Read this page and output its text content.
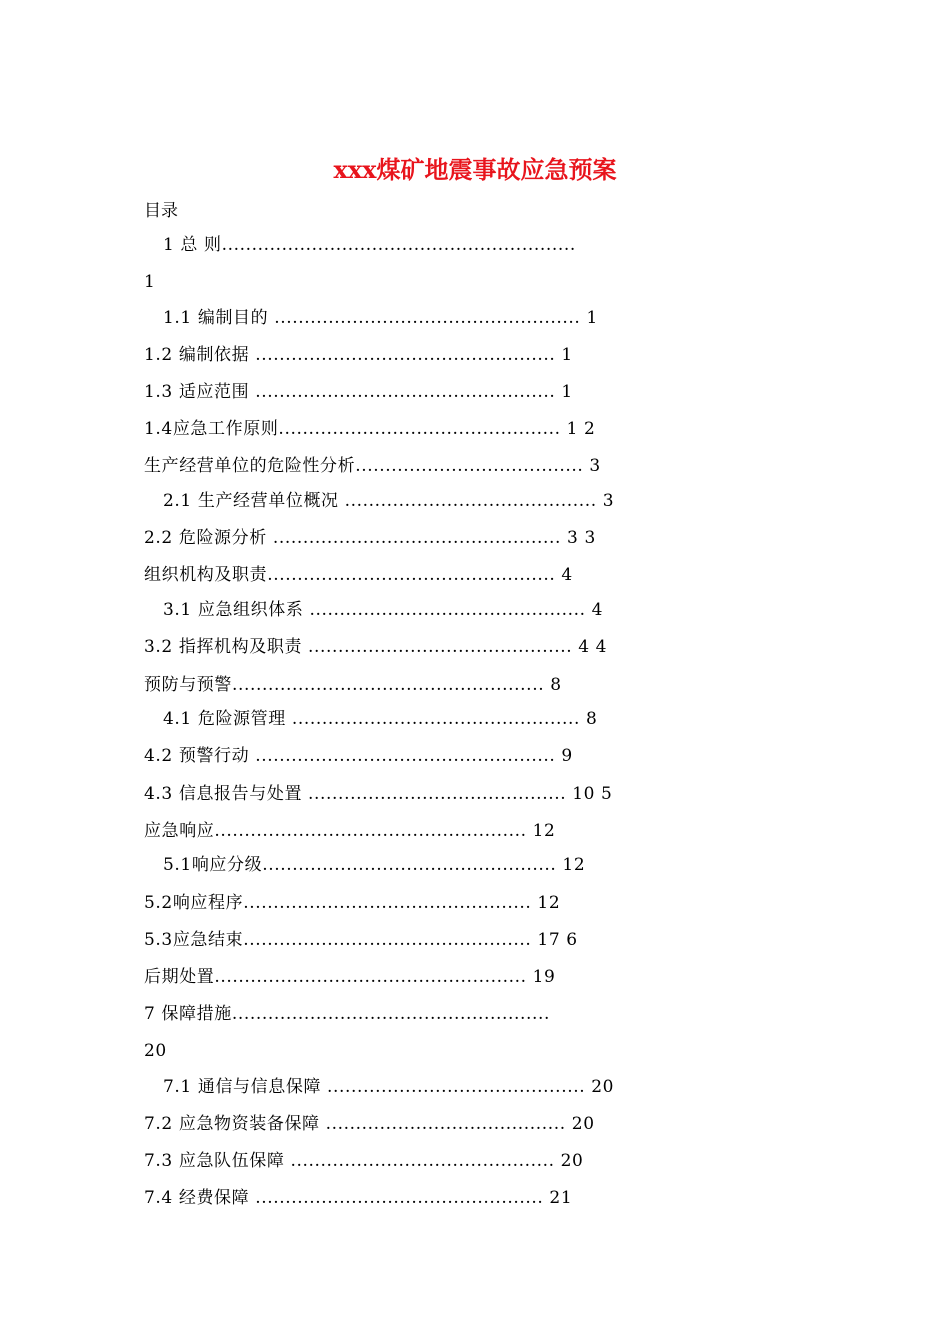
xxx煤矿地震事故应急预案
目录
1 总 则...........................................................
1
1.1 编制目的 ................................................... 1
1.2 编制依据 .................................................. 1
1.3 适应范围 .................................................. 1
1.4应急工作原则............................................... 1 2
生产经营单位的危险性分析...................................... 3
2.1 生产经营单位概况 .......................................... 3
2.2 危险源分析 ................................................ 3 3
组织机构及职责................................................ 4
3.1 应急组织体系 .............................................. 4
3.2 指挥机构及职责 ............................................ 4 4
预防与预警.................................................... 8
4.1 危险源管理 ................................................ 8
4.2 预警行动 .................................................. 9
4.3 信息报告与处置 ........................................... 10 5
应急响应.................................................... 12
5.1响应分级................................................. 12
5.2响应程序................................................ 12
5.3应急结束................................................ 17 6
后期处置.................................................... 19
7 保障措施.....................................................
20
7.1 通信与信息保障 ........................................... 20
7.2 应急物资装备保障 ........................................ 20
7.3 应急队伍保障 ............................................ 20
7.4 经费保障 ................................................ 21
